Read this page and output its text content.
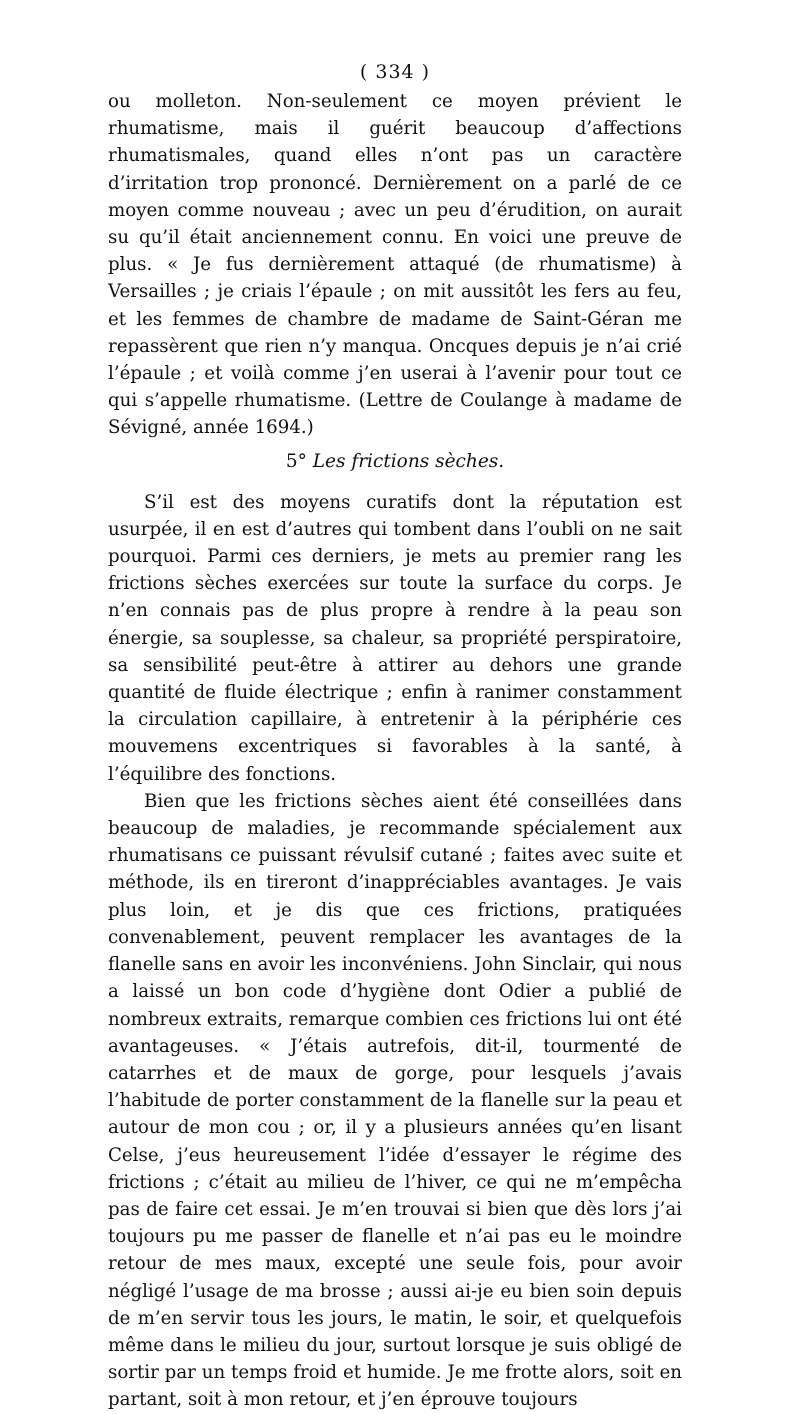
( 334 )

ou molleton. Non-seulement ce moyen prévient le rhumatisme, mais il guérit beaucoup d’affections rhumatismales, quand elles n’ont pas un caractère d’irritation trop prononcé. Dernièrement on a parlé de ce moyen comme nouveau ; avec un peu d’érudition, on aurait su qu’il était anciennement connu. En voici une preuve de plus. « Je fus dernièrement attaqué (de rhumatisme) à Versailles ; je criais l’épaule ; on mit aussitôt les fers au feu, et les femmes de chambre de madame de Saint-Géran me repassèrent que rien n’y manqua. Oncques depuis je n’ai crié l’épaule ; et voilà comme j’en userai à l’avenir pour tout ce qui s’appelle rhumatisme. (Lettre de Coulange à madame de Sévigné, année 1694.)

5° Les frictions sèches.

S’il est des moyens curatifs dont la réputation est usurpée, il en est d’autres qui tombent dans l’oubli on ne sait pourquoi. Parmi ces derniers, je mets au premier rang les frictions sèches exercées sur toute la surface du corps. Je n’en connais pas de plus propre à rendre à la peau son énergie, sa souplesse, sa chaleur, sa propriété perspiratoire, sa sensibilité peut-être à attirer au dehors une grande quantité de fluide électrique ; enfin à ranimer constamment la circulation capillaire, à entretenir à la périphérie ces mouvemens excentriques si favorables à la santé, à l’équilibre des fonctions.

Bien que les frictions sèches aient été conseillées dans beaucoup de maladies, je recommande spécialement aux rhumatisans ce puissant révulsif cutané ; faites avec suite et méthode, ils en tireront d’inappréciables avantages. Je vais plus loin, et je dis que ces frictions, pratiquées convenablement, peuvent remplacer les avantages de la flanelle sans en avoir les inconvéniens. John Sinclair, qui nous a laissé un bon code d’hygiène dont Odier a publié de nombreux extraits, remarque combien ces frictions lui ont été avantageuses. « J’étais autrefois, dit-il, tourmenté de catarrhes et de maux de gorge, pour lesquels j’avais l’habitude de porter constamment de la flanelle sur la peau et autour de mon cou ; or, il y a plusieurs années qu’en lisant Celse, j’eus heureusement l’idée d’essayer le régime des frictions ; c’était au milieu de l’hiver, ce qui ne m’empêcha pas de faire cet essai. Je m’en trouvai si bien que dès lors j’ai toujours pu me passer de flanelle et n’ai pas eu le moindre retour de mes maux, excepté une seule fois, pour avoir négligé l’usage de ma brosse ; aussi ai-je eu bien soin depuis de m’en servir tous les jours, le matin, le soir, et quelquefois même dans le milieu du jour, surtout lorsque je suis obligé de sortir par un temps froid et humide. Je me frotte alors, soit en partant, soit à mon retour, et j’en éprouve toujours
